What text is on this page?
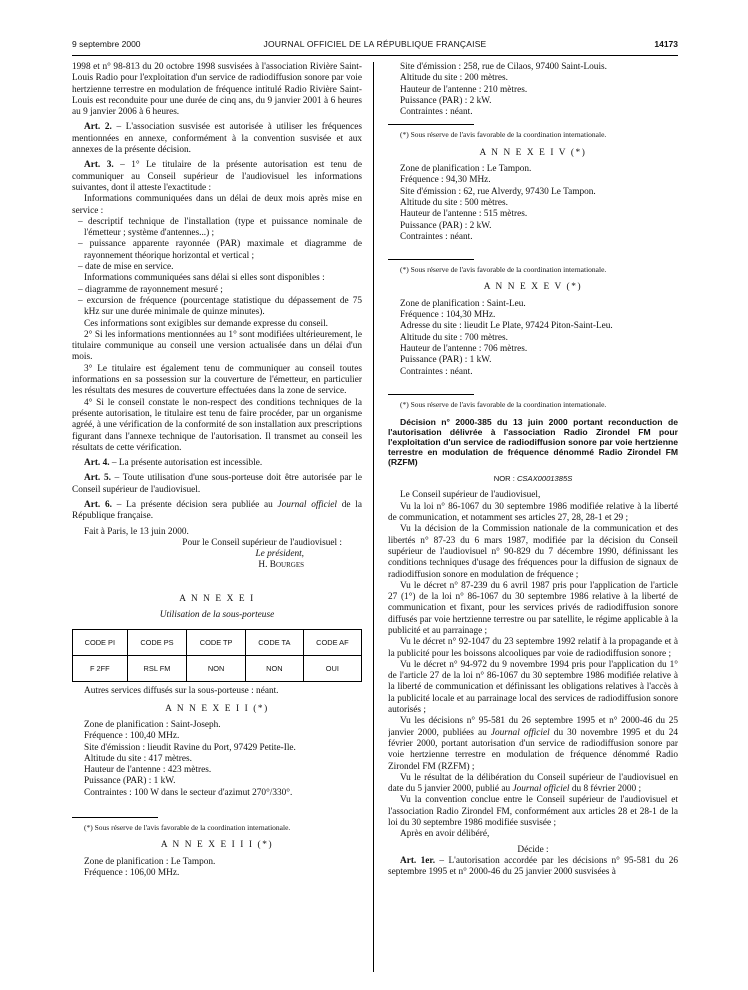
9 septembre 2000	JOURNAL OFFICIEL DE LA RÉPUBLIQUE FRANÇAISE	14173

1998 et n° 98-813 du 20 octobre 1998 susvisées à l'association Rivière Saint-Louis Radio pour l'exploitation d'un service de radiodiffusion sonore par voie hertzienne terrestre en modulation de fréquence intitulé Radio Rivière Saint-Louis est reconduite pour une durée de cinq ans, du 9 janvier 2001 à 6 heures au 9 janvier 2006 à 6 heures.

Art. 2. – L'association susvisée est autorisée à utiliser les fréquences mentionnées en annexe, conformément à la convention susvisée et aux annexes de la présente décision.

Art. 3. – 1° Le titulaire de la présente autorisation est tenu de communiquer au Conseil supérieur de l'audiovisuel les informations suivantes, dont il atteste l'exactitude :

Informations communiquées dans un délai de deux mois après mise en service :

– descriptif technique de l'installation (type et puissance nominale de l'émetteur ; système d'antennes...) ;

– puissance apparente rayonnée (PAR) maximale et diagramme de rayonnement théorique horizontal et vertical ;

– date de mise en service.

Informations communiquées sans délai si elles sont disponibles :

– diagramme de rayonnement mesuré ;

– excursion de fréquence (pourcentage statistique du dépassement de 75 kHz sur une durée minimale de quinze minutes).

Ces informations sont exigibles sur demande expresse du conseil.

2° Si les informations mentionnées au 1° sont modifiées ultérieurement, le titulaire communique au conseil une version actualisée dans un délai d'un mois.

3° Le titulaire est également tenu de communiquer au conseil toutes informations en sa possession sur la couverture de l'émetteur, en particulier les résultats des mesures de couverture effectuées dans la zone de service.

4° Si le conseil constate le non-respect des conditions techniques de la présente autorisation, le titulaire est tenu de faire procéder, par un organisme agréé, à une vérification de la conformité de son installation aux prescriptions figurant dans l'annexe technique de l'autorisation. Il transmet au conseil les résultats de cette vérification.

Art. 4. – La présente autorisation est incessible.

Art. 5. – Toute utilisation d'une sous-porteuse doit être autorisée par le Conseil supérieur de l'audiovisuel.

Art. 6. – La présente décision sera publiée au Journal officiel de la République française.

Fait à Paris, le 13 juin 2000.

Pour le Conseil supérieur de l'audiovisuel :

Le président,

H. Bourges

A N N E X E I

Utilisation de la sous-porteuse

CODE PI	CODE PS	CODE TP	CODE TA	CODE AF
F 2FF	RSL FM	NON	NON	OUI

Autres services diffusés sur la sous-porteuse : néant.

A N N E X E I I (*)

Zone de planification : Saint-Joseph.

Fréquence : 100,40 MHz.

Site d'émission : lieudit Ravine du Port, 97429 Petite-Ile.

Altitude du site : 417 mètres.

Hauteur de l'antenne : 423 mètres.

Puissance (PAR) : 1 kW.

Contraintes : 100 W dans le secteur d'azimut 270°/330°.

(*) Sous réserve de l'avis favorable de la coordination internationale.

A N N E X E I I I (*)

Zone de planification : Le Tampon.

Fréquence : 106,00 MHz.

Site d'émission : 258, rue de Cilaos, 97400 Saint-Louis.

Altitude du site : 200 mètres.

Hauteur de l'antenne : 210 mètres.

Puissance (PAR) : 2 kW.

Contraintes : néant.

(*) Sous réserve de l'avis favorable de la coordination internationale.

A N N E X E I V (*)

Zone de planification : Le Tampon.

Fréquence : 94,30 MHz.

Site d'émission : 62, rue Alverdy, 97430 Le Tampon.

Altitude du site : 500 mètres.

Hauteur de l'antenne : 515 mètres.

Puissance (PAR) : 2 kW.

Contraintes : néant.

(*) Sous réserve de l'avis favorable de la coordination internationale.

A N N E X E V (*)

Zone de planification : Saint-Leu.

Fréquence : 104,30 MHz.

Adresse du site : lieudit Le Plate, 97424 Piton-Saint-Leu.

Altitude du site : 700 mètres.

Hauteur de l'antenne : 706 mètres.

Puissance (PAR) : 1 kW.

Contraintes : néant.

(*) Sous réserve de l'avis favorable de la coordination internationale.

Décision n° 2000-385 du 13 juin 2000 portant reconduction de l'autorisation délivrée à l'association Radio Zirondel FM pour l'exploitation d'un service de radiodiffusion sonore par voie hertzienne terrestre en modulation de fréquence dénommé Radio Zirondel FM (RZFM)

NOR : CSAX0001385S

Le Conseil supérieur de l'audiovisuel,

Vu la loi n° 86-1067 du 30 septembre 1986 modifiée relative à la liberté de communication, et notamment ses articles 27, 28, 28-1 et 29 ;

Vu la décision de la Commission nationale de la communication et des libertés n° 87-23 du 6 mars 1987, modifiée par la décision du Conseil supérieur de l'audiovisuel n° 90-829 du 7 décembre 1990, définissant les conditions techniques d'usage des fréquences pour la diffusion de signaux de radiodiffusion sonore en modulation de fréquence ;

Vu le décret n° 87-239 du 6 avril 1987 pris pour l'application de l'article 27 (1°) de la loi n° 86-1067 du 30 septembre 1986 relative à la liberté de communication et fixant, pour les services privés de radiodiffusion sonore diffusés par voie hertzienne terrestre ou par satellite, le régime applicable à la publicité et au parrainage ;

Vu le décret n° 92-1047 du 23 septembre 1992 relatif à la propagande et à la publicité pour les boissons alcooliques par voie de radiodiffusion sonore ;

Vu le décret n° 94-972 du 9 novembre 1994 pris pour l'application du 1° de l'article 27 de la loi n° 86-1067 du 30 septembre 1986 modifiée relative à la liberté de communication et définissant les obligations relatives à l'accès à la publicité locale et au parrainage local des services de radiodiffusion sonore autorisés ;

Vu les décisions n° 95-581 du 26 septembre 1995 et n° 2000-46 du 25 janvier 2000, publiées au Journal officiel du 30 novembre 1995 et du 24 février 2000, portant autorisation d'un service de radiodiffusion sonore par voie hertzienne terrestre en modulation de fréquence dénommé Radio Zirondel FM (RZFM) ;

Vu le résultat de la délibération du Conseil supérieur de l'audiovisuel en date du 5 janvier 2000, publié au Journal officiel du 8 février 2000 ;

Vu la convention conclue entre le Conseil supérieur de l'audiovisuel et l'association Radio Zirondel FM, conformément aux articles 28 et 28-1 de la loi du 30 septembre 1986 modifiée susvisée ;

Après en avoir délibéré,

Décide :

Art. 1er. – L'autorisation accordée par les décisions n° 95-581 du 26 septembre 1995 et n° 2000-46 du 25 janvier 2000 susvisées à
